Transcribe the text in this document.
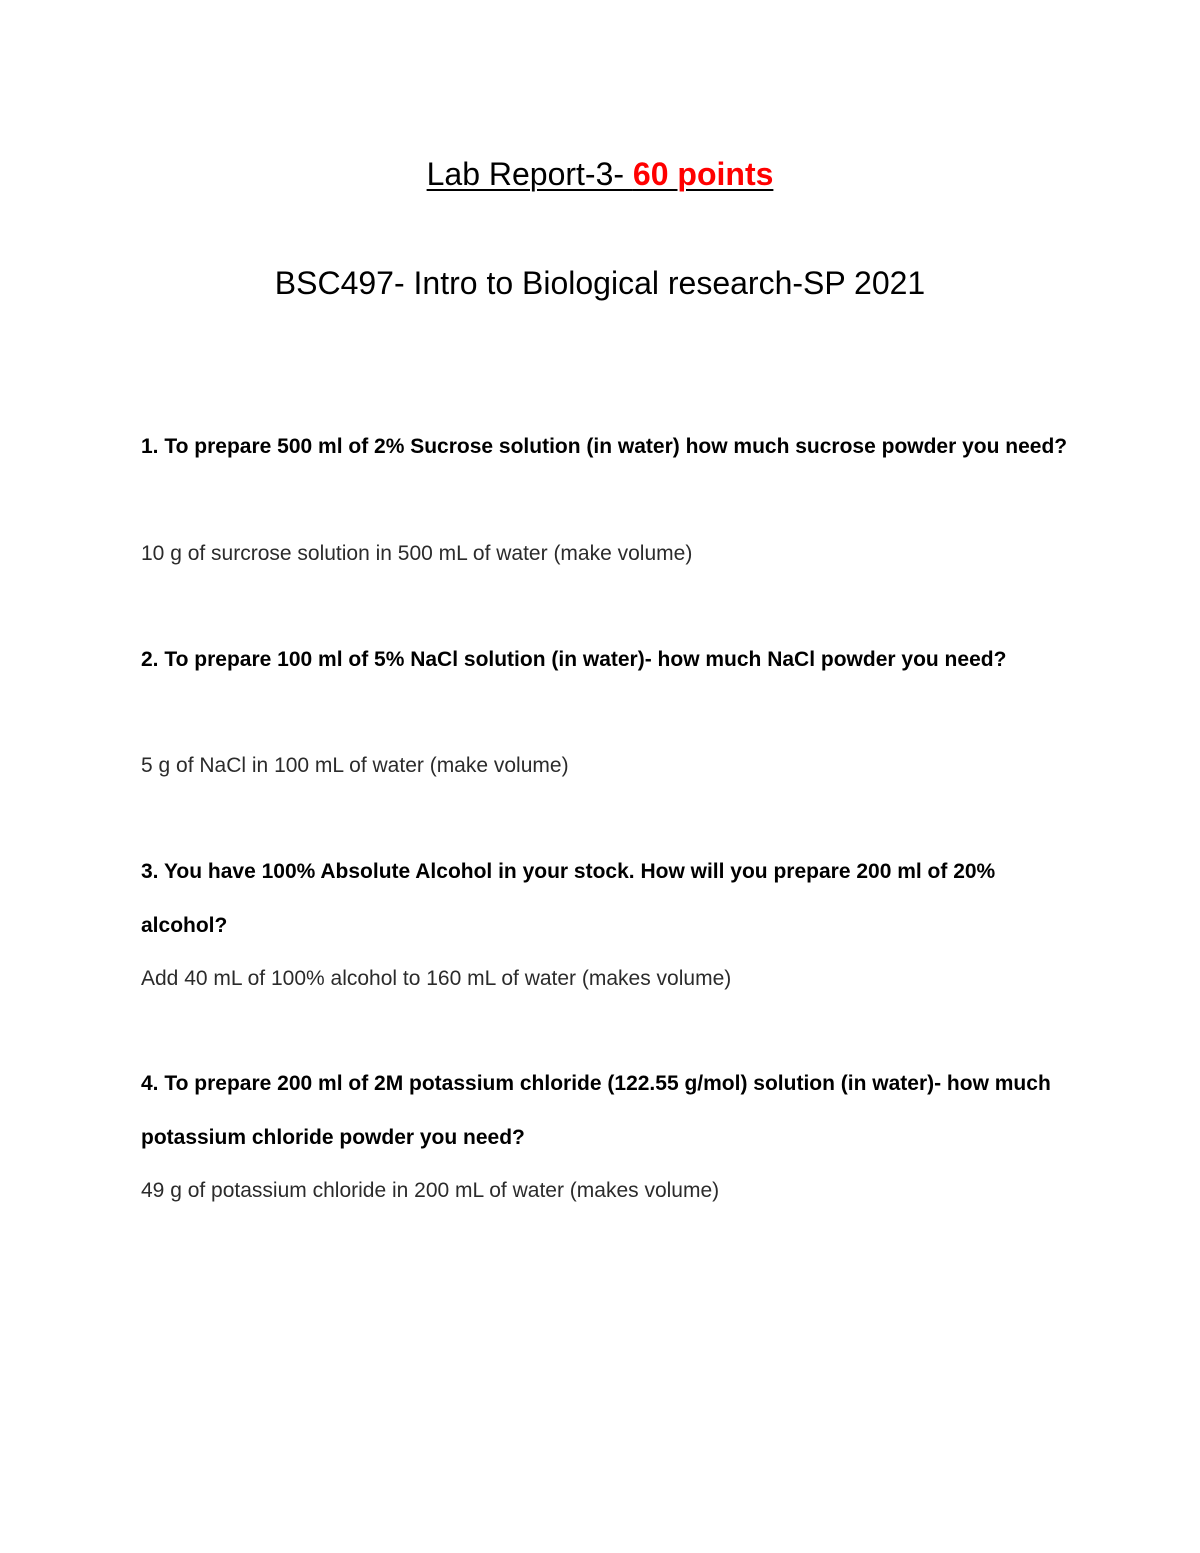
Lab Report-3- 60 points
BSC497- Intro to Biological research-SP 2021
1. To prepare 500 ml of 2% Sucrose solution (in water) how much sucrose powder you need?
10 g of surcrose solution in 500 mL of water (make volume)
2. To prepare 100 ml of 5% NaCl solution (in water)- how much NaCl powder you need?
5 g of NaCl in 100 mL of water (make volume)
3. You have 100% Absolute Alcohol in your stock. How will you prepare 200 ml of 20% alcohol?
Add 40 mL of 100% alcohol to 160 mL of water (makes volume)
4. To prepare 200 ml of 2M potassium chloride (122.55 g/mol) solution (in water)- how much potassium chloride powder you need?
49 g of potassium chloride in 200 mL of water (makes volume)
